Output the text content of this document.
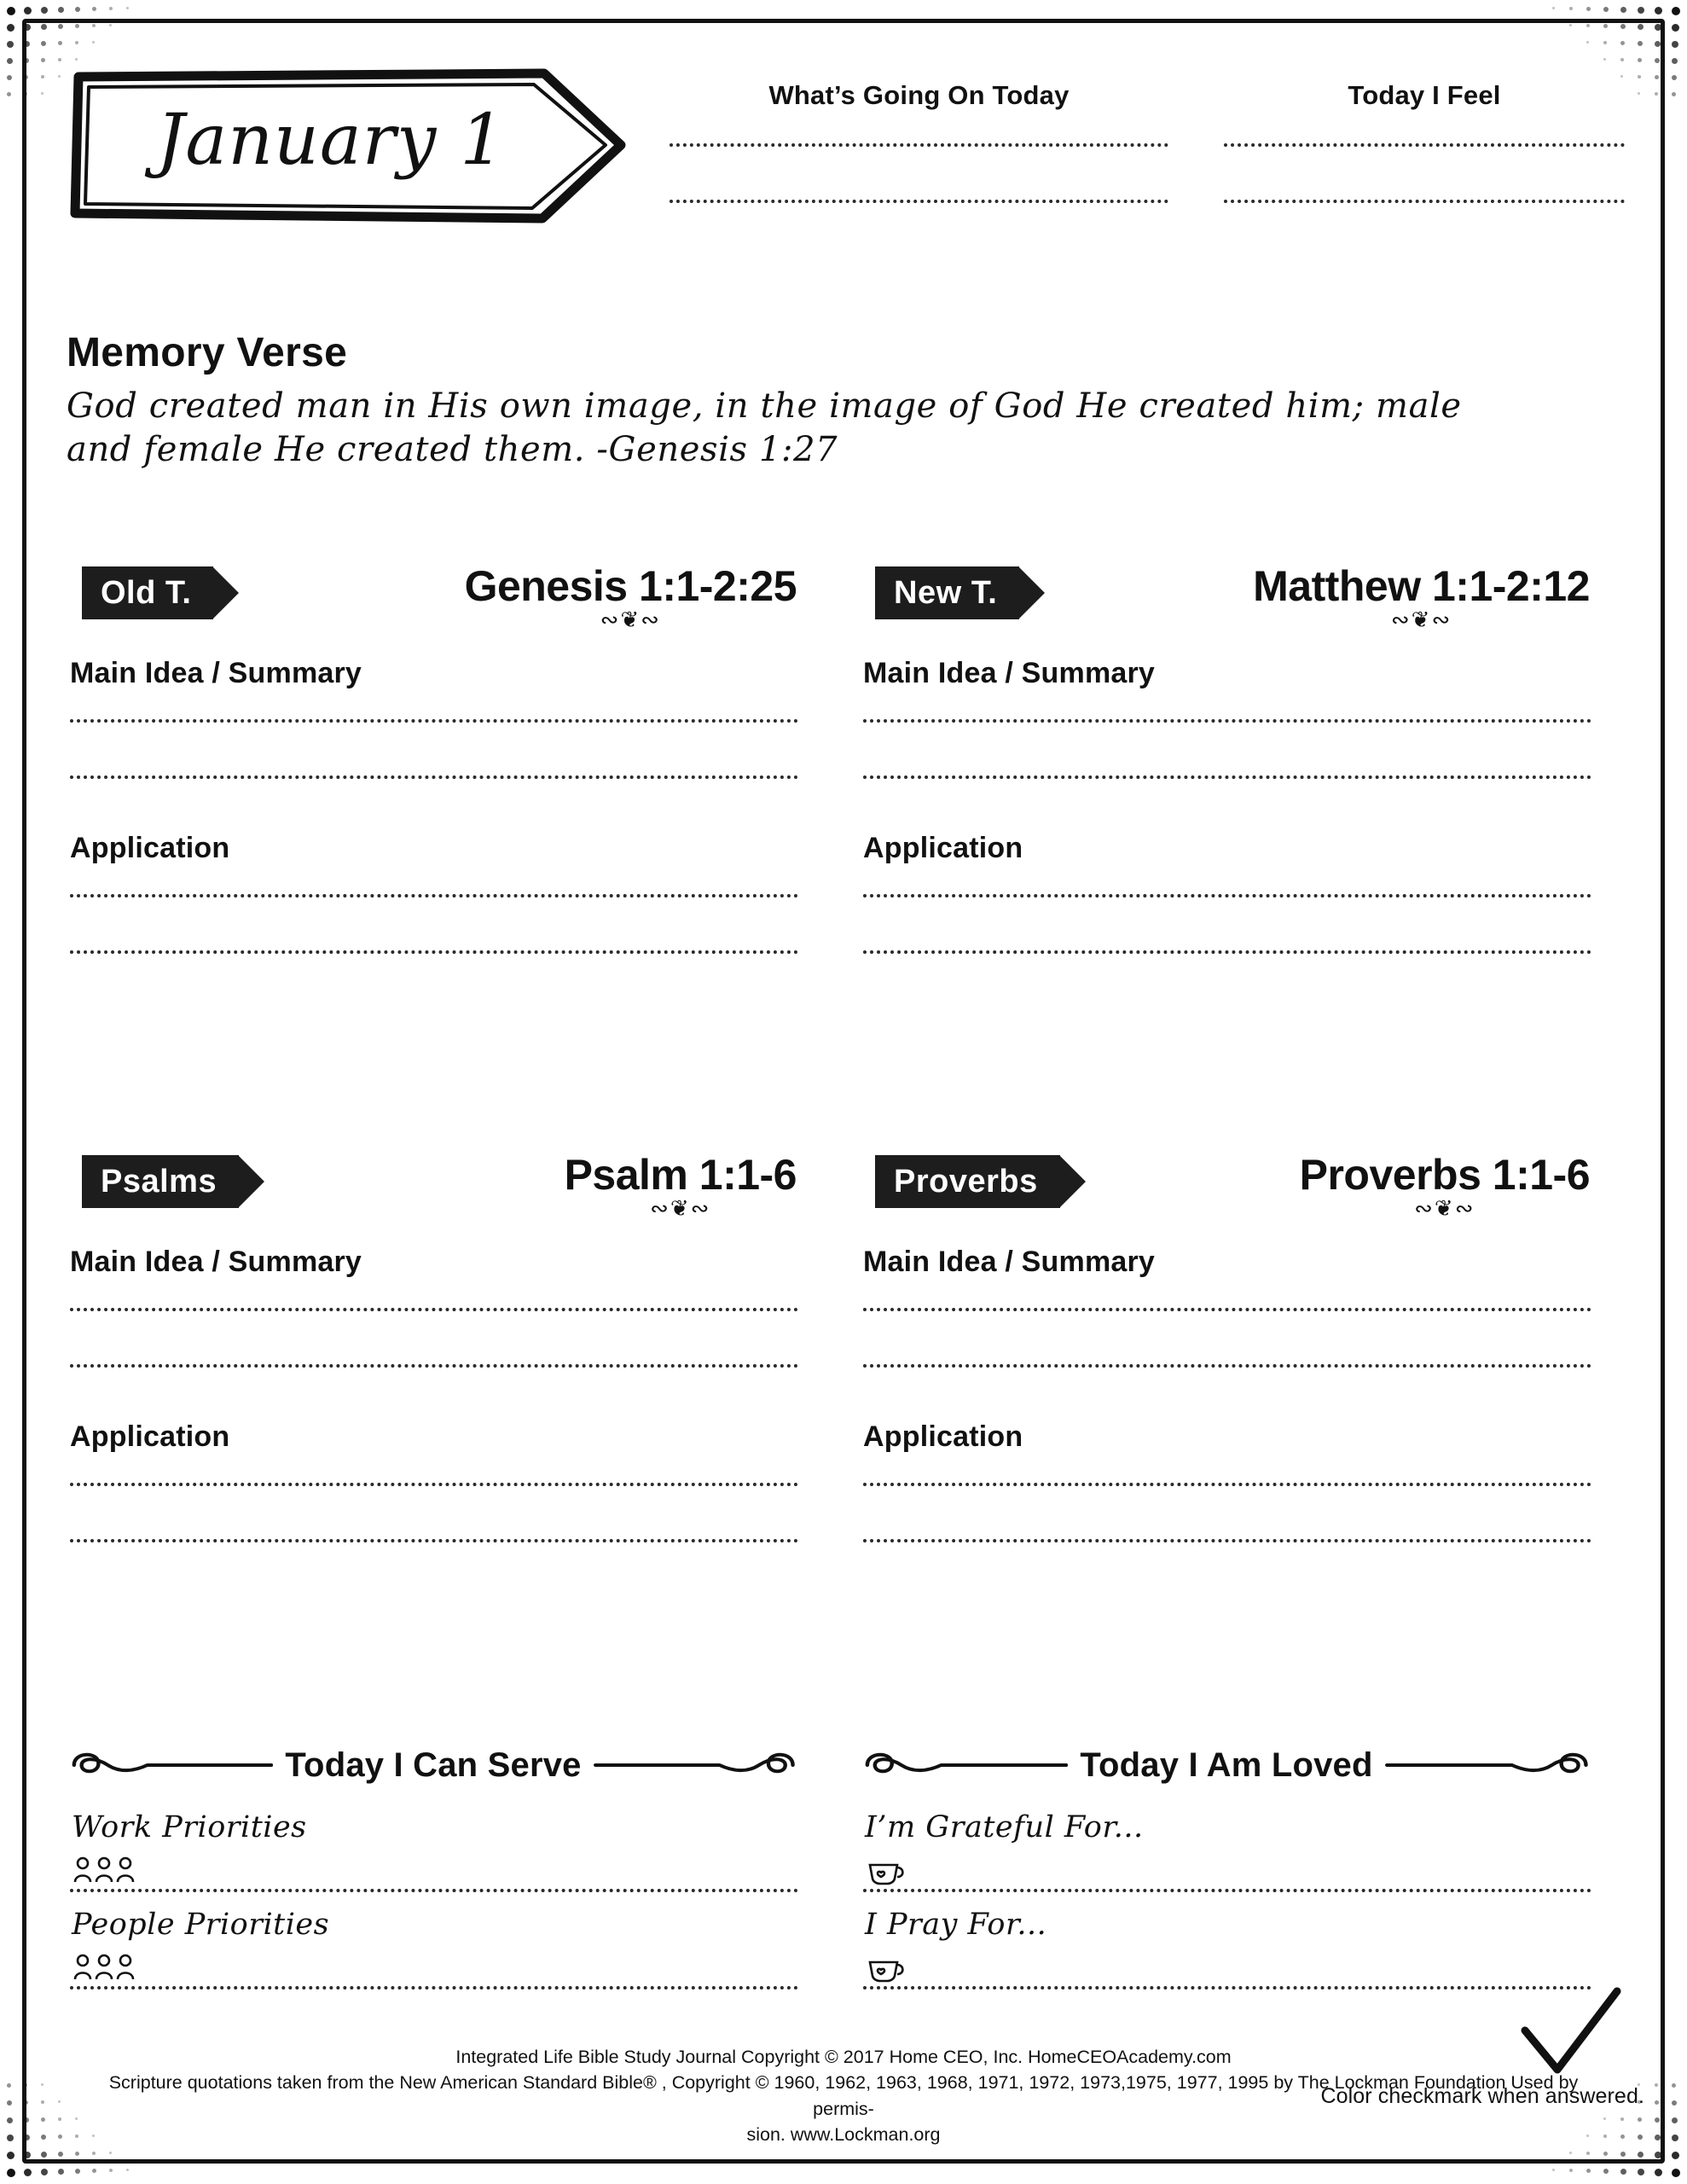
January 1
What’s Going On Today	Today I Feel
Memory Verse
God created man in His own image, in the image of God He created him; male and female He created them. -Genesis 1:27
Old T.	Genesis 1:1-2:25
∾❦∾
Main Idea / Summary
Application
New T.	Matthew 1:1-2:12
∾❦∾
Main Idea / Summary
Application
Psalms	Psalm 1:1-6
∾❦∾
Main Idea / Summary
Application
Proverbs	Proverbs 1:1-6
∾❦∾
Main Idea / Summary
Application
Today I Can Serve
Work Priorities
People Priorities
Today I Am Loved
I’m Grateful For...
I Pray For...
Color checkmark when answered.
Integrated Life Bible Study Journal Copyright © 2017 Home CEO, Inc. HomeCEOAcademy.com
Scripture quotations taken from the New American Standard Bible® , Copyright © 1960, 1962, 1963, 1968, 1971, 1972, 1973,1975, 1977, 1995 by The Lockman Foundation Used by permis-
sion. www.Lockman.org
